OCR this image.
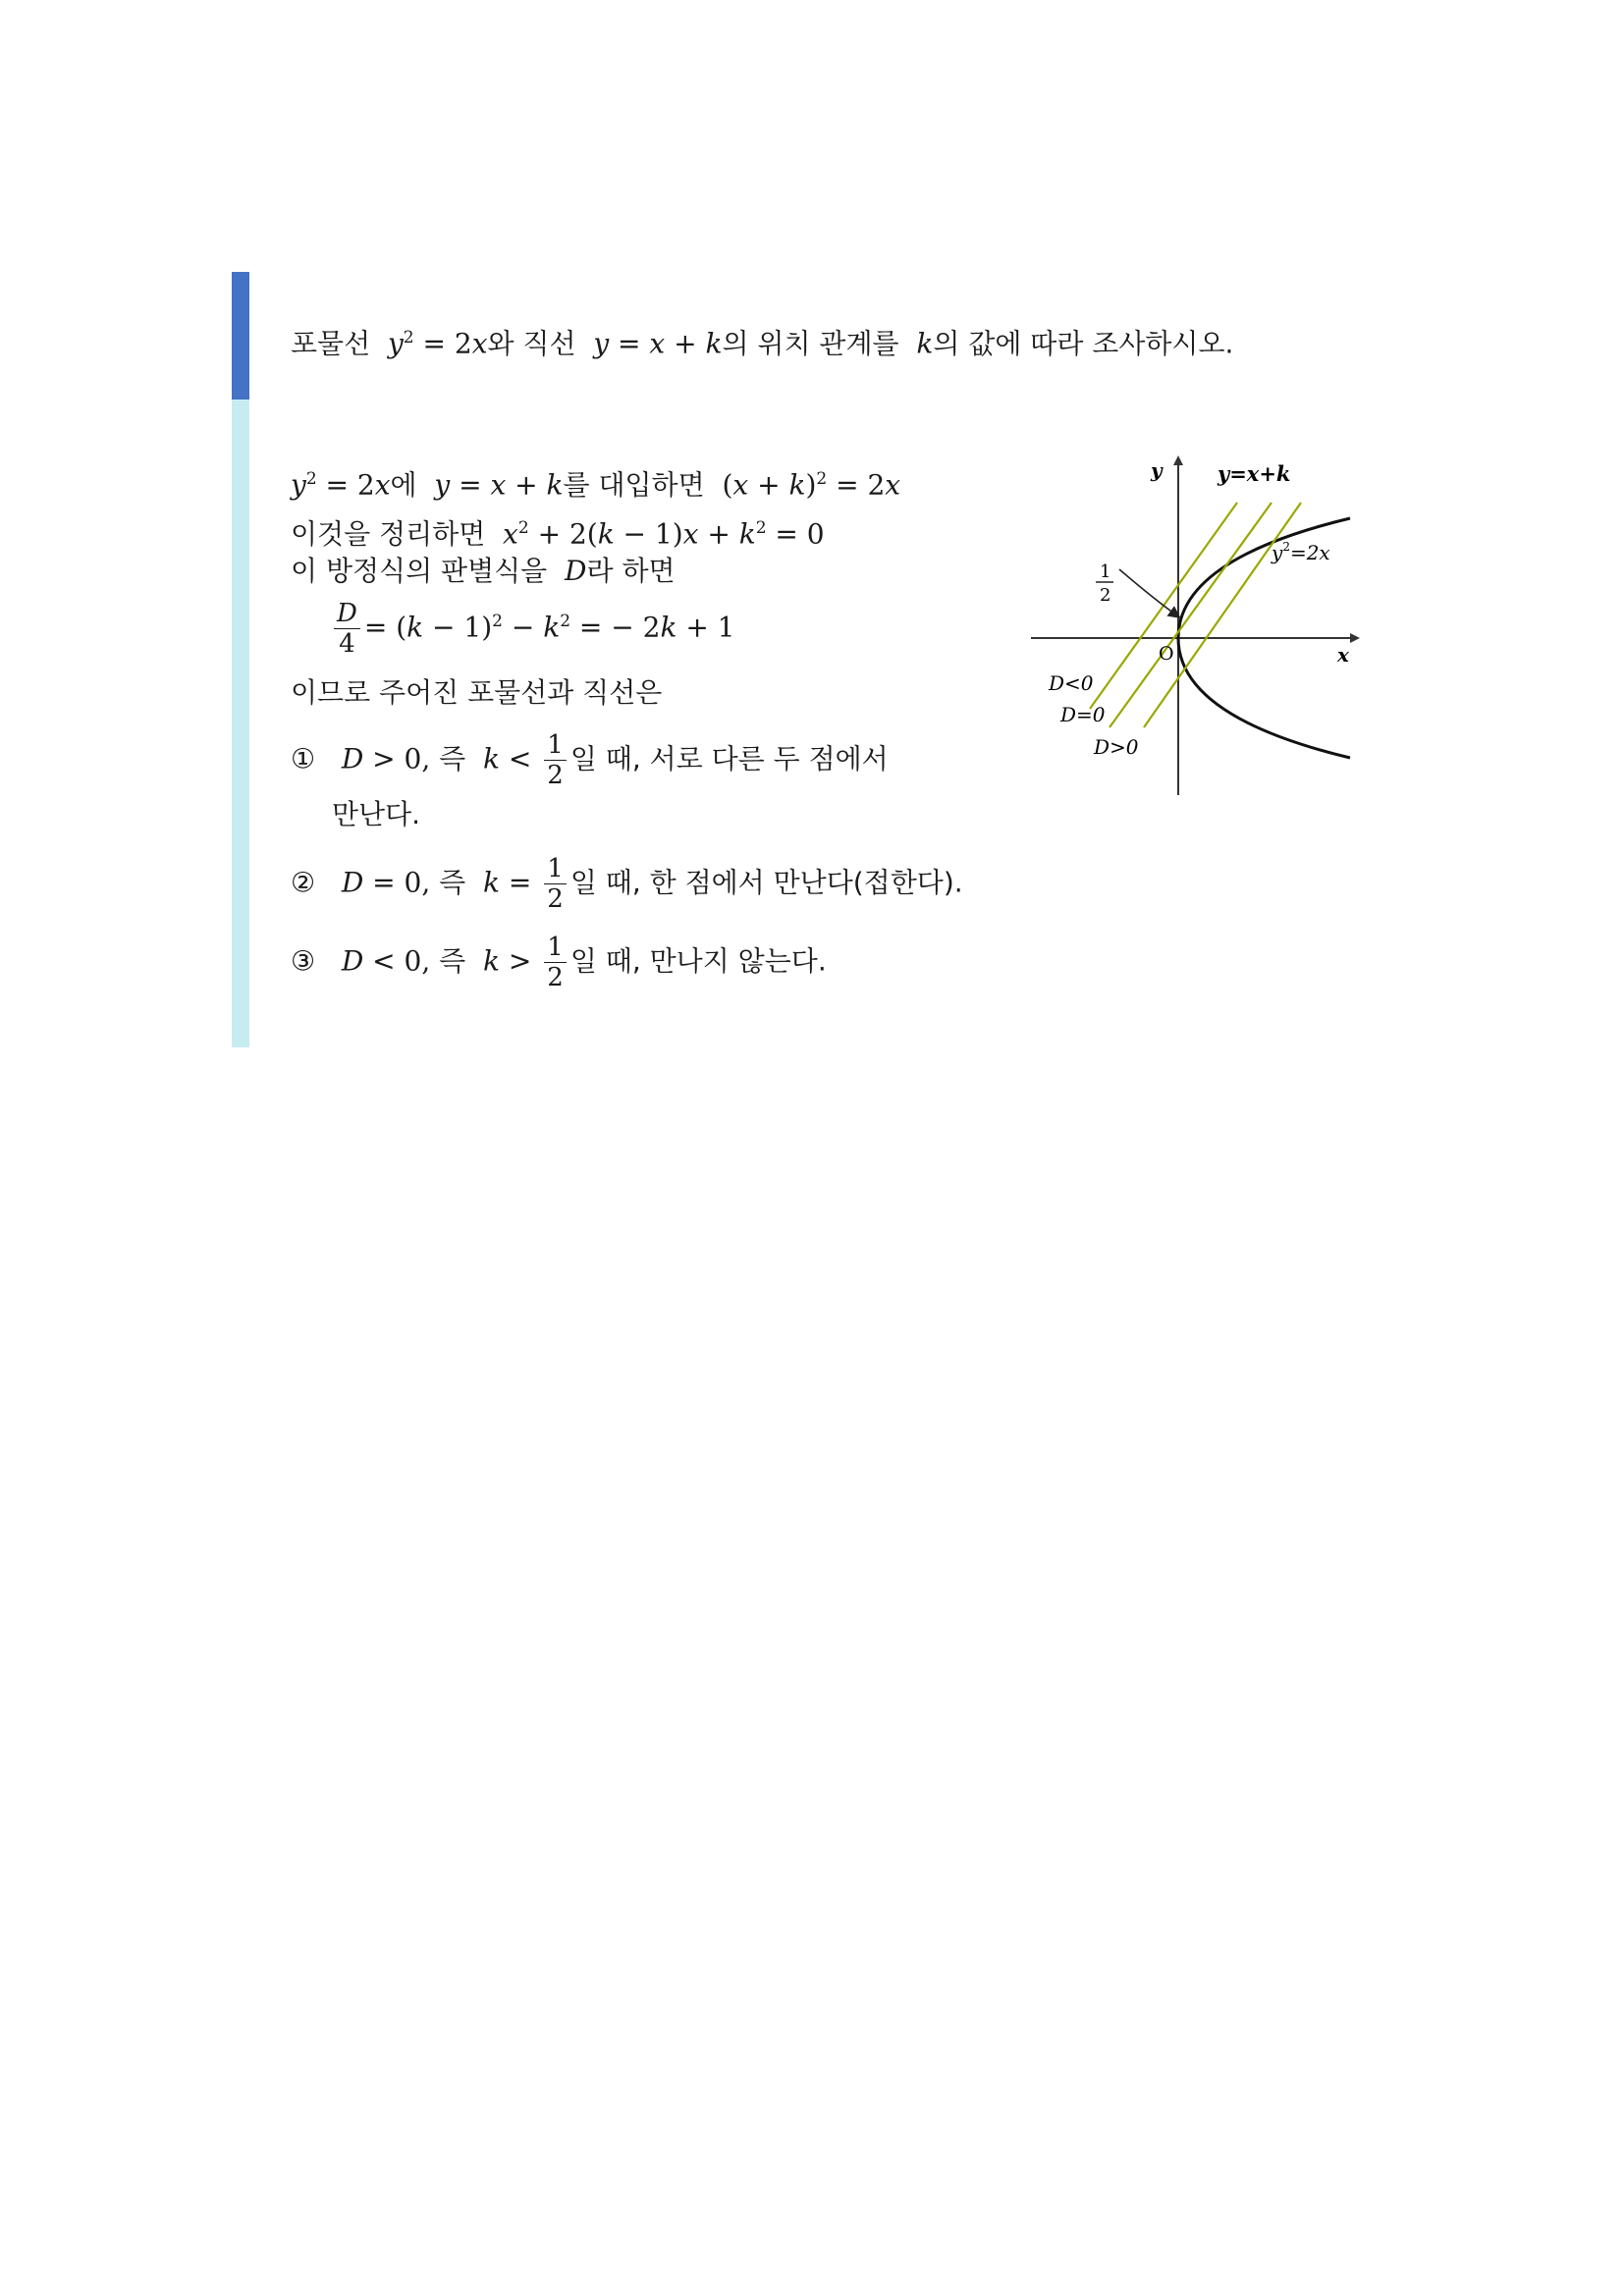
포물선  $y^2 = 2x$와 직선  y = x + k의 위치 관계를  k의 값에 따라 조사하시오.
$y^2 = 2x$에  y = x + k를 대입하면  $(x + k)^2 = 2x$
이것을 정리하면  $x^2 + 2(k - 1)x + k^2 = 0$
이 방정식의 판별식을  D라 하면
$\frac{D}{4} = (k - 1)^2 - k^2$ = − 2k + 1
이므로 주어진 포물선과 직선은
①   D > 0, 즉  $k < \frac{1}{2}$ 일 때, 서로 다른 두 점에서
만난다.
②   D = 0, 즉  $k = \frac{1}{2}$ 일 때, 한 점에서 만난다(접한다).
③   D < 0, 즉  $k > \frac{1}{2}$ 일 때, 만나지 않는다.
y
x
O
y=x+k
$y^2=2x$
1
2
D<0
D=0
D>0
